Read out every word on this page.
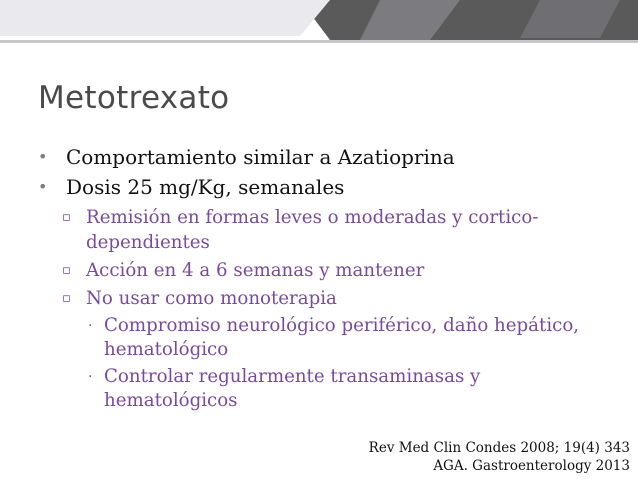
Metotrexato
• Comportamiento similar a Azatioprina
• Dosis 25 mg/Kg, semanales
▫ Remisión en formas leves o moderadas y cortico-dependientes
▫ Acción en 4 a 6 semanas y mantener
▫ No usar como monoterapia
· Compromiso neurológico periférico, daño hepático, hematológico
· Controlar regularmente transaminasas y hematológicos
Rev Med Clin Condes 2008; 19(4) 343
AGA. Gastroenterology 2013
